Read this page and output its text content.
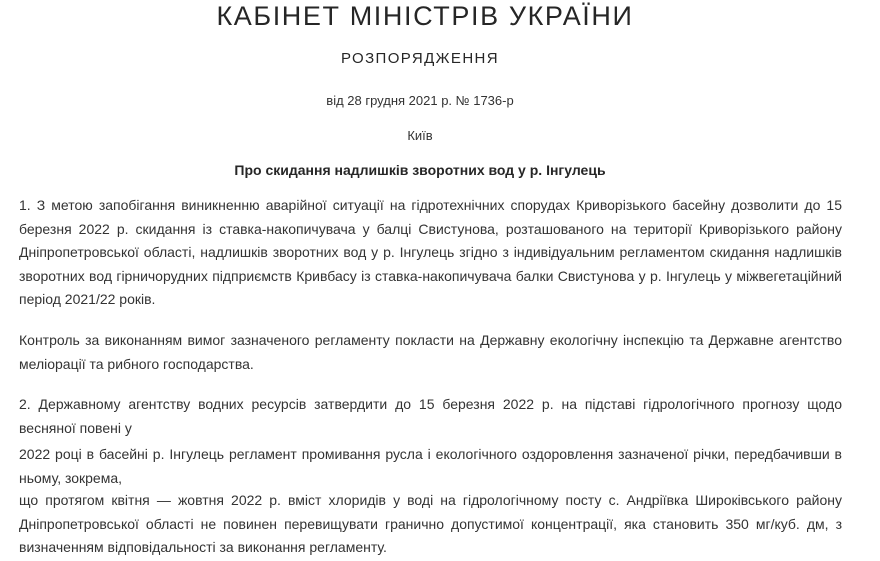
КАБІНЕТ МІНІСТРІВ УКРАЇНИ
РОЗПОРЯДЖЕННЯ
від 28 грудня 2021 р. № 1736-р
Київ
Про скидання надлишків зворотних вод у р. Інгулець

1. З метою запобігання виникненню аварійної ситуації на гідротехнічних спорудах Криворізького басейну дозволити до 15 березня 2022 р. скидання із ставка-накопичувача у балці Свистунова, розташованого на території Криворізького району Дніпропетровської області, надлишків зворотних вод у р. Інгулець згідно з індивідуальним регламентом скидання надлишків зворотних вод гірничорудних підприємств Кривбасу із ставка-накопичувача балки Свистунова у р. Інгулець у міжвегетаційний період 2021/22 років.

Контроль за виконанням вимог зазначеного регламенту покласти на Державну екологічну інспекцію та Державне агентство меліорації та рибного господарства.

2. Державному агентству водних ресурсів затвердити до 15 березня 2022 р. на підставі гідрологічного прогнозу щодо весняної повені у

2022 році в басейні р. Інгулець регламент промивання русла і екологічного оздоровлення зазначеної річки, передбачивши в ньому, зокрема,

що протягом квітня — жовтня 2022 р. вміст хлоридів у воді на гідрологічному посту с. Андріївка Широківського району Дніпропетровської області не повинен перевищувати гранично допустимої концентрації, яка становить 350 мг/куб. дм, з визначенням відповідальності за виконання регламенту.
